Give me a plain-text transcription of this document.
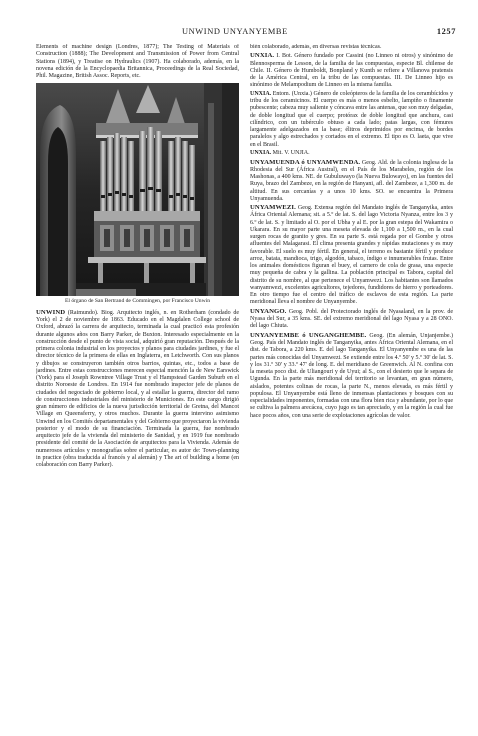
UNWIND UNYANYEMBE	1257

Elements of machine design (Londres, 1877); The Testing of Materials of Construction (1888); The Development and Transmission of Power from Central Stations (1894), y Treatise on Hydraulics (1907). Ha colaborado, además, en la novena edición de la Encyclopaedia Britannica, Proceedings de la Real Sociedad, Phil. Magazine, British Assoc. Reports, etc.

El órgano de San Bertrand de Commingen, por Francisco Unwin

UNWIND (Raimundo). Biog. Arquitecto inglés, n. en Rotherham (condado de York) el 2 de noviembre de 1863. Educado en el Magdalen College school de Oxford, abrazó la carrera de arquitecto, terminada la cual practicó esta profesión durante algunos años con Barry Parker, de Buxton. Interesado especialmente en la construcción desde el punto de vista social, adquirió gran reputación. Después de la primera colonia industrial en los proyectos y planos para ciudades jardines, y fue el director técnico de la primera de ellas en Inglaterra, en Letchworth. Con sus planos y dibujos se construyeron también otros barrios, quintas, etc., todos a base de jardines. Entre estas construcciones merecen especial mención la de New Earswick (York) para el Joseph Rowntree Village Trust y el Hampstead Garden Suburb en el distrito Noroeste de Londres. En 1914 fue nombrado inspector jefe de planos de ciudades del negociado de gobierno local, y al estallar la guerra, director del ramo de construcciones industriales del ministerio de Municiones. En este cargo dirigió gran número de edificios de la nueva jurisdicción territorial de Gretna, del Mancot Village en Queensferry, y otros muchos. Durante la guerra intervino asimismo Unwind en los Comités departamentales y del Gobierno que proyectaron la vivienda posterior y el modo de su financiación. Terminada la guerra, fue nombrado arquitecto jefe de la vivienda del ministerio de Sanidad, y en 1919 fue nombrado presidente del comité de la Asociación de arquitectos para la Vivienda. Además de numerosos artículos y monografías sobre el particular, es autor de: Town-planning in practice (obra traducida al francés y al alemán) y The art of building a home (en colaboración con Barry Parker).

bién colaborado, además, en diversas revistas técnicas.

UNXIA. I. Bot. Género fundado por Cassini (no Linneo ni otros) y sinónimo de Blennosperma de Lesson, de la familia de las compuestas, especie Bl. chilense de Chile. II. Género de Humboldt, Bonpland y Kunth se refiere a Villanova pratensis de la América Central, en la tribu de las compuestas. III. De Linneo hijo es sinónimo de Melampodium de Linneo en la misma familia.

UNXIA. Entom. (Unxia.) Género de coleópteros de la familia de los cerambícidos y tribu de los ceramicinos. El cuerpo es más o menos esbelto, lampiño o finamente pubescente; cabeza muy saliente y cóncava entre las antenas, que son muy delgadas, de doble longitud que el cuerpo; protórax de doble longitud que anchura, casi cilíndrico, con un tubérculo obtuso a cada lado; patas largas, con fémures largamente adelgazados en la base; élitros deprimidos por encima, de bordes paralelos y algo estrechados y cortados en el extremo. El tipo es O. laeta, que vive en el Brasil.

UNXIA. Mit. V. UNJIA.

UNYAMUENDA ó UNYAMWENDA. Geog. Ald. de la colonia inglesa de la Rhodesia del Sur (África Austral), en el País de los Marabeles, región de los Mashonas, a 400 kms. NE. de Gubuluwayo (la Nueva Bulowayo), en las fuentes del Ruya, brazo del Zambeze, en la región de Hanyani, afl. del Zambeze, a 1,300 m. de altitud. En sus cercanías y a unos 10 kms. SO. se encuentra la Primera Unyamuenda.

UNYAMWEZI. Geog. Extensa región del Mandato inglés de Tanganyika, antes África Oriental Alemana; sit. a 5.º de lat. S. del lago Victoria Nyanza, entre los 3 y 6.º de lat. S. y limitado al O. por el Ubha y al E. por la gran estepa del Wakamira o Ukarara. En su mayor parte una meseta elevada de 1,100 a 1,500 m., en la cual surgen rocas de granito y gres. En su parte S. está regada por el Gombe y otros afluentes del Malagarasi. El clima presenta grandes y rápidas mutaciones y es muy favorable. El suelo es muy fértil. En general, el terreno es bastante fértil y produce arroz, batata, mandioca, trigo, algodón, tabaco, índigo e innumerables frutas. Entre los animales domésticos figuran el buey, el carnero de cola de grasa, una especie muy pequeña de cabra y la gallina. La población principal es Tabora, capital del distrito de su nombre, al que pertenece el Unyamwezi. Los habitantes son llamados wanyamwezi, excelentes agricultores, tejedores, fundidores de hierro y porteadores. En otro tiempo fue el centro del tráfico de esclavos de esta región. La parte meridional lleva el nombre de Unyanyembe.

UNYANGO. Geog. Pobl. del Protectorado inglés de Nyasaland, en la prov. de Nyasa del Sur, a 35 kms. SE. del extremo meridional del lago Nyasa y a 28 ONO. del lago Chiuta.

UNYANYEMBE ó UNGANGHEMBE. Geog. (En alemán, Unjanjembe.) Geog. País del Mandato inglés de Tanganyika, antes África Oriental Alemana, en el dist. de Tabora, a 220 kms. E. del lago Tanganyika. El Unyanyembe es una de las partes más conocidas del Unyamwezi. Se extiende entre los 4.º 50' y 5.º 30' de lat. S. y los 31.º 30' y 33.º 47' de long. E. del meridiano de Greenwich. Al N. confina con la meseta poco dist. de Uliangouri y de Uyui; al S., con el desierto que le separa de Ugunda. En la parte más meridional del territorio se levantan, en gran número, aislados, potentes colinas de rocas, la parte N., menos elevada, es más fértil y populosa. El Unyanyembe está lleno de inmensas plantaciones y bosques con su especialidades imponentes, formadas con una flora bien rica y abundante, por lo que se cultiva la palmera arecácea, cuyo jugo es tan apreciado, y en la región la cual fue hace pocos años, con una serie de explotaciones agrícolas de valor.
